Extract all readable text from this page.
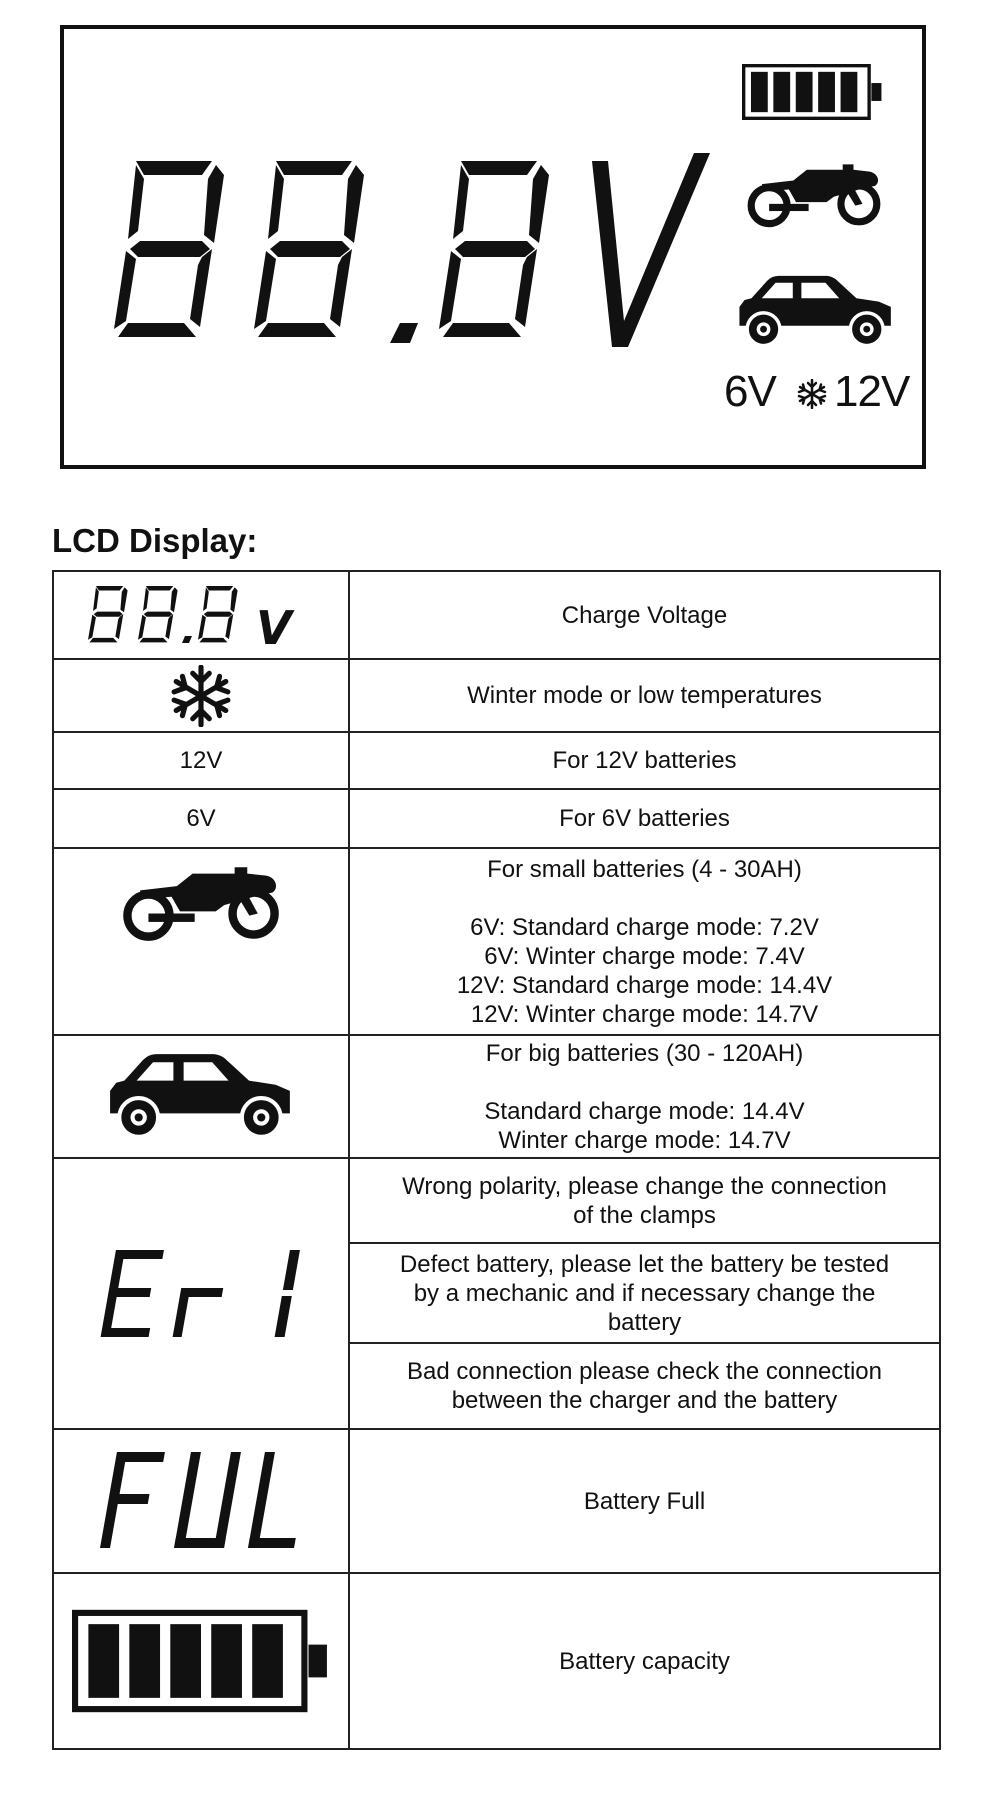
6V 12V
LCD Display:
V	Charge Voltage

	Winter mode or low temperatures
12V	For 12V batteries
6V	For 6V batteries

For small batteries (4 - 30AH)
6V: Standard charge mode: 7.2V
6V: Winter charge mode: 7.4V
12V: Standard charge mode: 14.4V
12V: Winter charge mode: 14.7V

For big batteries (30 - 120AH)
Standard charge mode: 14.4V
Winter charge mode: 14.7V

Wrong polarity, please change the connection
of the clamps

	Defect battery, please let the battery be tested
by a mechanic and if necessary change the
battery

	Bad connection please check the connection
between the charger and the battery

	Battery Full

	Battery capacity
